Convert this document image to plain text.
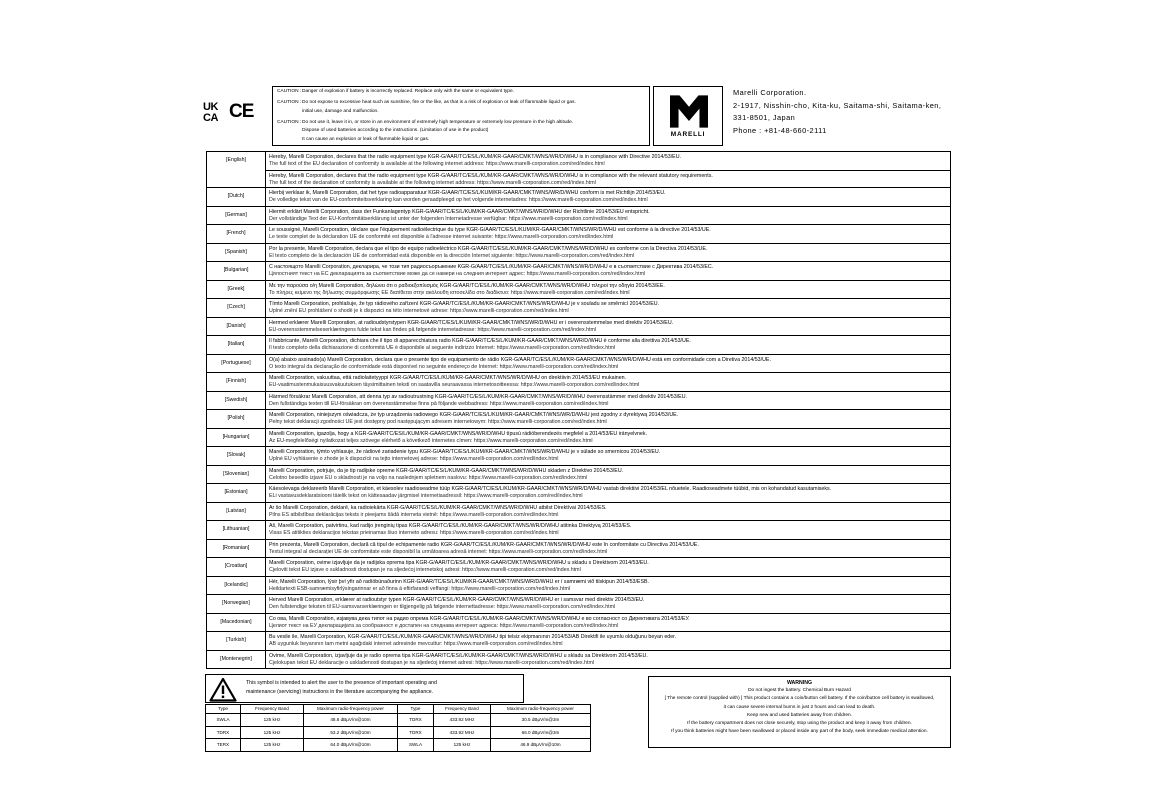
UK
CA CE
CAUTION : Danger of explosion if battery is incorrectly replaced. Replace only with the same or equivalent type.
CAUTION : Do not expose to excessive heat such as sunshine, fire or the like, as that is a risk of explosion or leak of flammable liquid or gas.
initial use, damage and malfunction.
CAUTION : Do not use it, leave it in, or store in an environment of extremely high temperature or extremely low pressure in the high altitude.
Dispose of used batteries according to the instructions. (Limitation of use in the product)
It can cause an explosion or leak of flammable liquid or gas.
MARELLI
Marelli Corporation.
2-1917, Nisshin-cho, Kita-ku, Saitama-shi, Saitama-ken,
331-8501, Japan
Phone : +81-48-660-2111
[English]	Hereby, Marelli Corporation, declares that the radio equipment type KGR-G/AAR/TC/ES/L/KUM/KR-GAAR/CMKT/WNS/WR/D/WHU is in compliance with Directive 2014/53/EU.
The full text of the EU declaration of conformity is available at the following internet address: https://www.marelli-corporation.com/red/index.html
Hereby, Marelli Corporation, declares that the radio equipment type KGR-G/AAR/TC/ES/L/KUM/KR-GAAR/CMKT/WNS/WR/D/WHU is in compliance with the relevant statutory requirements.
The full text of the declaration of conformity is available at the following internet address: https://www.marelli-corporation.com/red/index.html
[Dutch]	Hierbij verklaar ik, Marelli Corporation, dat het type radioapparatuur KGR-G/AAR/TC/ES/L/KUM/KR-GAAR/CMKT/WNS/WR/D/WHU conform is met Richtlijn 2014/53/EU.
De volledige tekst van de EU-conformiteitsverklaring kan worden geraadpleegd op het volgende internetadres: https://www.marelli-corporation.com/red/index.html
[German]	Hiermit erklärt Marelli Corporation, dass der Funkanlagentyp KGR-G/AAR/TC/ES/L/KUM/KR-GAAR/CMKT/WNS/WR/D/WHU der Richtlinie 2014/53/EU entspricht.
Der vollständige Text der EU-Konformitätserklärung ist unter der folgenden Internetadresse verfügbar: https://www.marelli-corporation.com/red/index.html
[French]	Le soussigné, Marelli Corporation, déclare que l'équipement radioélectrique du type KGR-G/AAR/TC/ES/L/KUM/KR-GAAR/CMKT/WNS/WR/D/WHU est conforme à la directive 2014/53/UE.
Le texte complet de la déclaration UE de conformité est disponible à l'adresse internet suivante: https://www.marelli-corporation.com/red/index.html
[Spanish]	Por la presente, Marelli Corporation, declara que el tipo de equipo radioeléctrico KGR-G/AAR/TC/ES/L/KUM/KR-GAAR/CMKT/WNS/WR/D/WHU es conforme con la Directiva 2014/53/UE.
El texto completo de la declaración UE de conformidad está disponible en la dirección Internet siguiente: https://www.marelli-corporation.com/red/index.html
[Bulgarian]	С настоящото Marelli Corporation, декларира, че този тип радиосъоръжение KGR-G/AAR/TC/ES/L/KUM/KR-GAAR/CMKT/WNS/WR/D/WHU е в съответствие с Директива 2014/53/ЕС.
Цялостният текст на ЕС декларацията за съответствие може да се намери на следния интернет адрес: https://www.marelli-corporation.com/red/index.html
[Greek]	Με την παρούσα ο/η Marelli Corporation, δηλώνει ότι ο ραδιοεξοπλισμός KGR-G/AAR/TC/ES/L/KUM/KR-GAAR/CMKT/WNS/WR/D/WHU πληροί την οδηγία 2014/53/ΕΕ.
Το πλήρες κείμενο της δήλωσης συμμόρφωσης ΕΕ διατίθεται στην ακόλουθη ιστοσελίδα στο διαδίκτυο: https://www.marelli-corporation.com/red/index.html
[Czech]	Tímto Marelli Corporation, prohlašuje, že typ rádiového zařízení KGR-G/AAR/TC/ES/L/KUM/KR-GAAR/CMKT/WNS/WR/D/WHU je v souladu se směrnicí 2014/53/EU.
Úplné znění EU prohlášení o shodě je k dispozici na této internetové adrese: https://www.marelli-corporation.com/red/index.html
[Danish]	Hermed erklærer Marelli Corporation, at radioudstyrstypen KGR-G/AAR/TC/ES/L/KUM/KR-GAAR/CMKT/WNS/WR/D/WHU er i overensstemmelse med direktiv 2014/53/EU.
EU-overensstemmelseserklæringens fulde tekst kan findes på følgende internetadresse: https://www.marelli-corporation.com/red/index.html
[Italian]	Il fabbricante, Marelli Corporation, dichiara che il tipo di apparecchiatura radio KGR-G/AAR/TC/ES/L/KUM/KR-GAAR/CMKT/WNS/WR/D/WHU è conforme alla direttiva 2014/53/UE.
Il testo completo della dichiarazione di conformità UE è disponibile al seguente indirizzo Internet: https://www.marelli-corporation.com/red/index.html
[Portuguese]	O(a) abaixo assinado(a) Marelli Corporation, declara que o presente tipo de equipamento de rádio KGR-G/AAR/TC/ES/L/KUM/KR-GAAR/CMKT/WNS/WR/D/WHU está em conformidade com a Diretiva 2014/53/UE.
O texto integral da declaração de conformidade está disponível no seguinte endereço de Internet: https://www.marelli-corporation.com/red/index.html
[Finnish]	Marelli Corporation, vakuuttaa, että radiolaitetyyppi KGR-G/AAR/TC/ES/L/KUM/KR-GAAR/CMKT/WNS/WR/D/WHU on direktiivin 2014/53/EU mukainen.
EU-vaatimustenmukaisuusvakuutuksen täysimittainen teksti on saatavilla seuraavassa internetosoitteessa: https://www.marelli-corporation.com/red/index.html
[Swedish]	Härmed försäkrar Marelli Corporation, att denna typ av radioutrustning KGR-G/AAR/TC/ES/L/KUM/KR-GAAR/CMKT/WNS/WR/D/WHU överensstämmer med direktiv 2014/53/EU.
Den fullständiga texten till EU-försäkran om överensstämmelse finns på följande webbadress: https://www.marelli-corporation.com/red/index.html
[Polish]	Marelli Corporation, niniejszym oświadcza, że typ urządzenia radiowego KGR-G/AAR/TC/ES/L/KUM/KR-GAAR/CMKT/WNS/WR/D/WHU jest zgodny z dyrektywą 2014/53/UE.
Pełny tekst deklaracji zgodności UE jest dostępny pod następującym adresem internetowym: https://www.marelli-corporation.com/red/index.html
[Hungarian]	Marelli Corporation, igazolja, hogy a KGR-G/AAR/TC/ES/L/KUM/KR-GAAR/CMKT/WNS/WR/D/WHU típusú rádióberendezés megfelel a 2014/53/EU irányelvnek.
Az EU-megfelelőségi nyilatkozat teljes szövege elérhető a következő internetes címen: https://www.marelli-corporation.com/red/index.html
[Slovak]	Marelli Corporation, týmto vyhlasuje, že rádiové zariadenie typu KGR-G/AAR/TC/ES/L/KUM/KR-GAAR/CMKT/WNS/WR/D/WHU je v súlade so smernicou 2014/53/EÚ.
Úplné EÚ vyhlásenie o zhode je k dispozícii na tejto internetovej adrese: https://www.marelli-corporation.com/red/index.html
[Slovenian]	Marelli Corporation, potrjuje, da je tip radijske opreme KGR-G/AAR/TC/ES/L/KUM/KR-GAAR/CMKT/WNS/WR/D/WHU skladen z Direktivo 2014/53/EU.
Celotno besedilo izjave EU o skladnosti je na voljo na naslednjem spletnem naslovu: https://www.marelli-corporation.com/red/index.html
[Estonian]	Käesolevaga deklareerib Marelli Corporation, et käesolev raadioseadme tüüp KGR-G/AAR/TC/ES/L/KUM/KR-GAAR/CMKT/WNS/WR/D/WHU vastab direktiivi 2014/53/EL nõuetele. Raadioseadmete tüübid, mis on kohandatud kasutamiseks.
ELi vastavusdeklaratsiooni täielik tekst on kättesaadav järgmisel internetiaadressil: https://www.marelli-corporation.com/red/index.html
[Latvian]	Ar šo Marelli Corporation, deklarē, ka radioiekārta KGR-G/AAR/TC/ES/L/KUM/KR-GAAR/CMKT/WNS/WR/D/WHU atbilst Direktīvai 2014/53/ES.
Pilns ES atbilstības deklarācijas teksts ir pieejams šādā interneta vietnē: https://www.marelli-corporation.com/red/index.html
[Lithuanian]	Aš, Marelli Corporation, patvirtinu, kad radijo įrenginių tipas KGR-G/AAR/TC/ES/L/KUM/KR-GAAR/CMKT/WNS/WR/D/WHU atitinka Direktyvą 2014/53/ES.
Visas ES atitikties deklaracijos tekstas prieinamas šiuo interneto adresu: https://www.marelli-corporation.com/red/index.html
[Romanian]	Prin prezenta, Marelli Corporation, declară că tipul de echipamente radio KGR-G/AAR/TC/ES/L/KUM/KR-GAAR/CMKT/WNS/WR/D/WHU este în conformitate cu Directiva 2014/53/UE.
Textul integral al declarației UE de conformitate este disponibil la următoarea adresă internet: https://www.marelli-corporation.com/red/index.html
[Croatian]	Marelli Corporation, ovime izjavljuje da je radijska oprema tipa KGR-G/AAR/TC/ES/L/KUM/KR-GAAR/CMKT/WNS/WR/D/WHU u skladu s Direktivom 2014/53/EU.
Cjeloviti tekst EU izjave o sukladnosti dostupan je na sljedećoj internetskoj adresi: https://www.marelli-corporation.com/red/index.html
[Icelandic]	Hér, Marelli Corporation, lýsir því yfir að radíóbúnaðurinn KGR-G/AAR/TC/ES/L/KUM/KR-GAAR/CMKT/WNS/WR/D/WHU er í samræmi við tilskipun 2014/53/ESB.
Heildartexti ESB-samræmisyfirlýsingarinnar er að finna á eftirfarandi veffangi: https://www.marelli-corporation.com/red/index.html
[Norwegian]	Herved Marelli Corporation, erklærer at radioutstyr typen KGR-G/AAR/TC/ES/L/KUM/KR-GAAR/CMKT/WNS/WR/D/WHU er i samsvar med direktiv 2014/53/EU.
Den fullstendige teksten til EU-samsvarserklæringen er tilgjengelig på følgende internettadresse: https://www.marelli-corporation.com/red/index.html
[Macedonian]	Со ова, Marelli Corporation, изјавува дека типот на радио опрема KGR-G/AAR/TC/ES/L/KUM/KR-GAAR/CMKT/WNS/WR/D/WHU е во согласност со Директивата 2014/53/ЕУ.
Целиот текст на ЕУ декларацијата за сообразност е достапен на следнава интернет адреса: https://www.marelli-corporation.com/red/index.html
[Turkish]	Bu vesile ile, Marelli Corporation, KGR-G/AAR/TC/ES/L/KUM/KR-GAAR/CMKT/WNS/WR/D/WHU tipi telsiz ekipmanının 2014/53/AB Direktifi ile uyumlu olduğunu beyan eder.
AB uygunluk beyanının tam metni aşağıdaki internet adresinde mevcuttur: https://www.marelli-corporation.com/red/index.html
[Montenegrin]	Ovime, Marelli Corporation, izjavljuje da je radio oprema tipa KGR-G/AAR/TC/ES/L/KUM/KR-GAAR/CMKT/WNS/WR/D/WHU u skladu sa Direktivom 2014/53/EU.
Cjelokupan tekst EU deklaracije o usklađenosti dostupan je na sljedećoj internet adresi: https://www.marelli-corporation.com/red/index.html
This symbol is intended to alert the user to the presence of important operating and
maintenance (servicing) instructions in the literature accompanying the appliance.
Type	Frequency Band	Maximum radio-frequency power	Type	Frequency Band	Maximum radio-frequency power
SWLA	125 kHz	48.6 dBμV/m@10m	TDRX	433.92 MHz	30.5 dBμV/m@3m
TDRX	125 kHz	53.2 dBμV/m@10m	TDRX	433.92 MHz	66.0 dBμV/m@3m
TERX	125 kHz	64.0 dBμV/m@10m	SWLA	125 kHz	46.9 dBμV/m@10m
WARNING
Do not ingest the battery. Chemical Burn Hazard
[ The remote control (supplied with) ] This product contains a coin/button cell battery. If the coin/button cell battery is swallowed,
it can cause severe internal burns in just 2 hours and can lead to death.
Keep new and used batteries away from children.
If the battery compartment does not close securely, stop using the product and keep it away from children.
If you think batteries might have been swallowed or placed inside any part of the body, seek immediate medical attention.
